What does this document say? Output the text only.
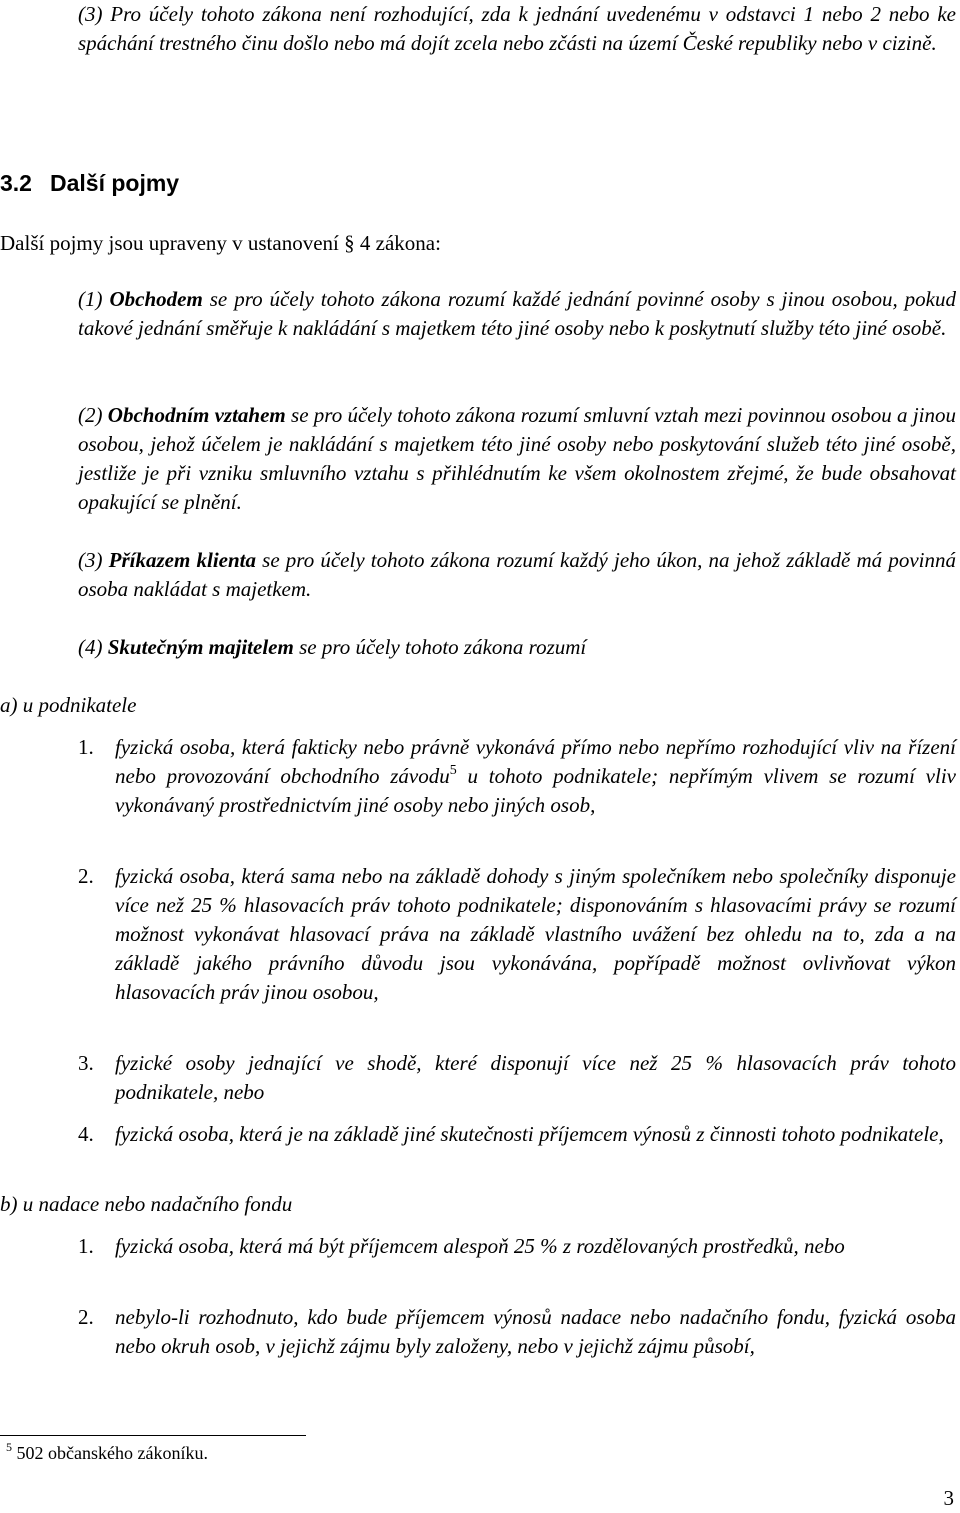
(3) Pro účely tohoto zákona není rozhodující, zda k jednání uvedenému v odstavci 1 nebo 2 nebo ke spáchání trestného činu došlo nebo má dojít zcela nebo zčásti na území České republiky nebo v cizině.

3.2 Další pojmy

Další pojmy jsou upraveny v ustanovení § 4 zákona:

(1) Obchodem se pro účely tohoto zákona rozumí každé jednání povinné osoby s jinou osobou, pokud takové jednání směřuje k nakládání s majetkem této jiné osoby nebo k poskytnutí služby této jiné osobě.

(2) Obchodním vztahem se pro účely tohoto zákona rozumí smluvní vztah mezi povinnou osobou a jinou osobou, jehož účelem je nakládání s majetkem této jiné osoby nebo poskytování služeb této jiné osobě, jestliže je při vzniku smluvního vztahu s přihlédnutím ke všem okolnostem zřejmé, že bude obsahovat opakující se plnění.

(3) Příkazem klienta se pro účely tohoto zákona rozumí každý jeho úkon, na jehož základě má povinná osoba nakládat s majetkem.

(4) Skutečným majitelem se pro účely tohoto zákona rozumí

a) u podnikatele

1. fyzická osoba, která fakticky nebo právně vykonává přímo nebo nepřímo rozhodující vliv na řízení nebo provozování obchodního závodu$^5$ u tohoto podnikatele; nepřímým vlivem se rozumí vliv vykonávaný prostřednictvím jiné osoby nebo jiných osob,

2. fyzická osoba, která sama nebo na základě dohody s jiným společníkem nebo společníky disponuje více než 25 % hlasovacích práv tohoto podnikatele; disponováním s hlasovacími právy se rozumí možnost vykonávat hlasovací práva na základě vlastního uvážení bez ohledu na to, zda a na základě jakého právního důvodu jsou vykonávána, popřípadě možnost ovlivňovat výkon hlasovacích práv jinou osobou,

3. fyzické osoby jednající ve shodě, které disponují více než 25 % hlasovacích práv tohoto podnikatele, nebo

4. fyzická osoba, která je na základě jiné skutečnosti příjemcem výnosů z činnosti tohoto podnikatele,

b) u nadace nebo nadačního fondu

1. fyzická osoba, která má být příjemcem alespoň 25 % z rozdělovaných prostředků, nebo

2. nebylo-li rozhodnuto, kdo bude příjemcem výnosů nadace nebo nadačního fondu, fyzická osoba nebo okruh osob, v jejichž zájmu byly založeny, nebo v jejichž zájmu působí,

$^5$ 502 občanského zákoníku.
3
